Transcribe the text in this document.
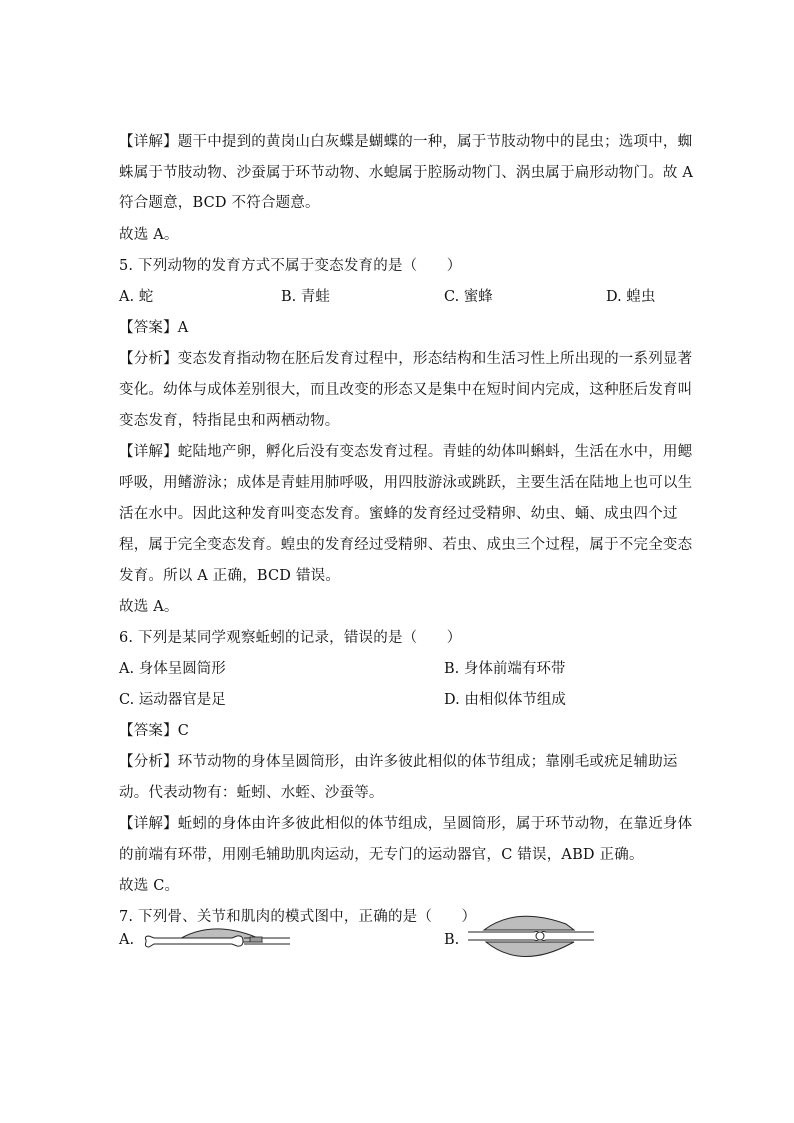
【详解】题干中提到的黄岗山白灰蝶是蝴蝶的一种，属于节肢动物中的昆虫；选项中，蜘
蛛属于节肢动物、沙蚕属于环节动物、水螅属于腔肠动物门、涡虫属于扁形动物门。故 A
符合题意，BCD 不符合题意。
故选 A。
5. 下列动物的发育方式不属于变态发育的是（　　）
A. 蛇	B. 青蛙	C. 蜜蜂	D. 蝗虫
【答案】A
【分析】变态发育指动物在胚后发育过程中，形态结构和生活习性上所出现的一系列显著
变化。幼体与成体差别很大，而且改变的形态又是集中在短时间内完成，这种胚后发育叫
变态发育，特指昆虫和两栖动物。
【详解】蛇陆地产卵，孵化后没有变态发育过程。青蛙的幼体叫蝌蚪，生活在水中，用鳃
呼吸，用鳍游泳；成体是青蛙用肺呼吸，用四肢游泳或跳跃，主要生活在陆地上也可以生
活在水中。因此这种发育叫变态发育。蜜蜂的发育经过受精卵、幼虫、蛹、成虫四个过
程，属于完全变态发育。蝗虫的发育经过受精卵、若虫、成虫三个过程，属于不完全变态
发育。所以 A 正确，BCD 错误。
故选 A。
6. 下列是某同学观察蚯蚓的记录，错误的是（　　）
A. 身体呈圆筒形	B. 身体前端有环带
C. 运动器官是足	D. 由相似体节组成
【答案】C
【分析】环节动物的身体呈圆筒形，由许多彼此相似的体节组成；靠刚毛或疣足辅助运
动。代表动物有：蚯蚓、水蛭、沙蚕等。
【详解】蚯蚓的身体由许多彼此相似的体节组成，呈圆筒形，属于环节动物，在靠近身体
的前端有环带，用刚毛辅助肌肉运动，无专门的运动器官，C 错误，ABD 正确。
故选 C。
7. 下列骨、关节和肌肉的模式图中，正确的是（　　）
A.	B.
